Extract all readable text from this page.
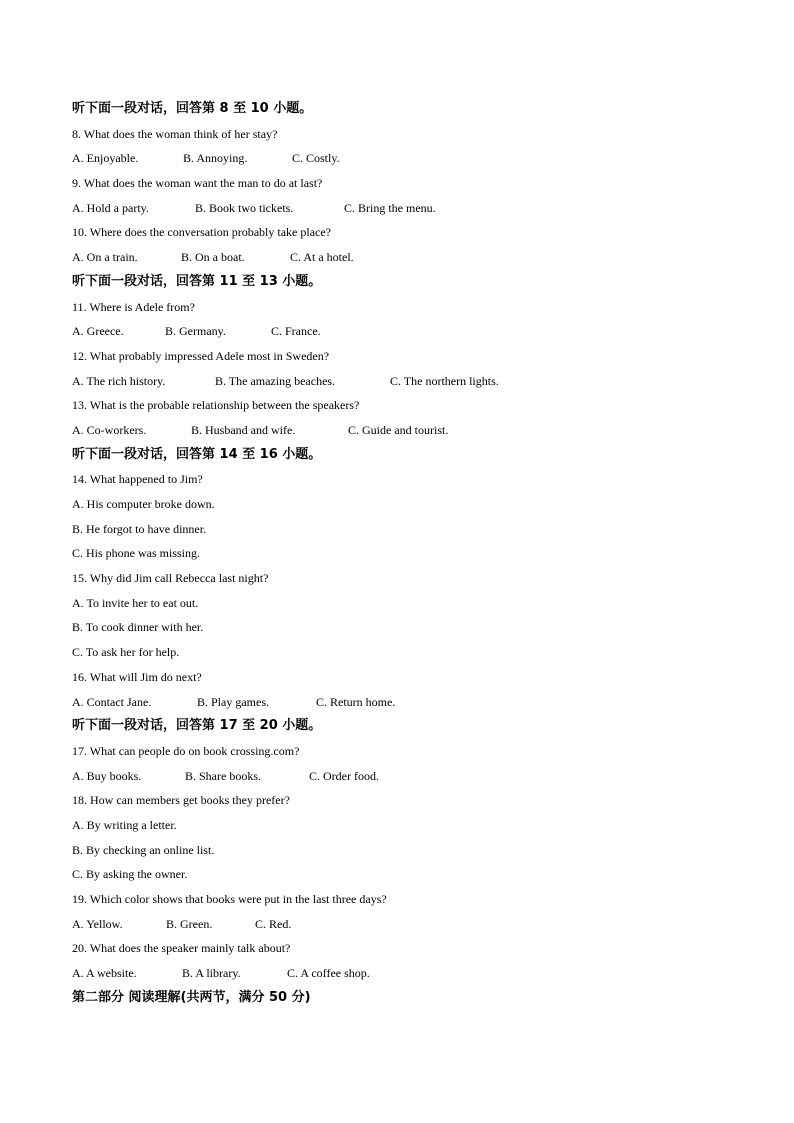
听下面一段对话，回答第 8 至 10 小题。
8. What does the woman think of her stay?
A. Enjoyable.	B. Annoying.	C. Costly.
9. What does the woman want the man to do at last?
A. Hold a party.	B. Book two tickets.	C. Bring the menu.
10. Where does the conversation probably take place?
A. On a train.	B. On a boat.	C. At a hotel.
听下面一段对话，回答第 11 至 13 小题。
11. Where is Adele from?
A. Greece.	B. Germany.	C. France.
12. What probably impressed Adele most in Sweden?
A. The rich history.	B. The amazing beaches.	C. The northern lights.
13. What is the probable relationship between the speakers?
A. Co-workers.	B. Husband and wife.	C. Guide and tourist.
听下面一段对话，回答第 14 至 16 小题。
14. What happened to Jim?
A. His computer broke down.
B. He forgot to have dinner.
C. His phone was missing.
15. Why did Jim call Rebecca last night?
A. To invite her to eat out.
B. To cook dinner with her.
C. To ask her for help.
16. What will Jim do next?
A. Contact Jane.	B. Play games.	C. Return home.
听下面一段对话，回答第 17 至 20 小题。
17. What can people do on book crossing.com?
A. Buy books.	B. Share books.	C. Order food.
18. How can members get books they prefer?
A. By writing a letter.
B. By checking an online list.
C. By asking the owner.
19. Which color shows that books were put in the last three days?
A. Yellow.	B. Green.	C. Red.
20. What does the speaker mainly talk about?
A. A website.	B. A library.	C. A coffee shop.
第二部分 阅读理解(共两节，满分 50 分)
